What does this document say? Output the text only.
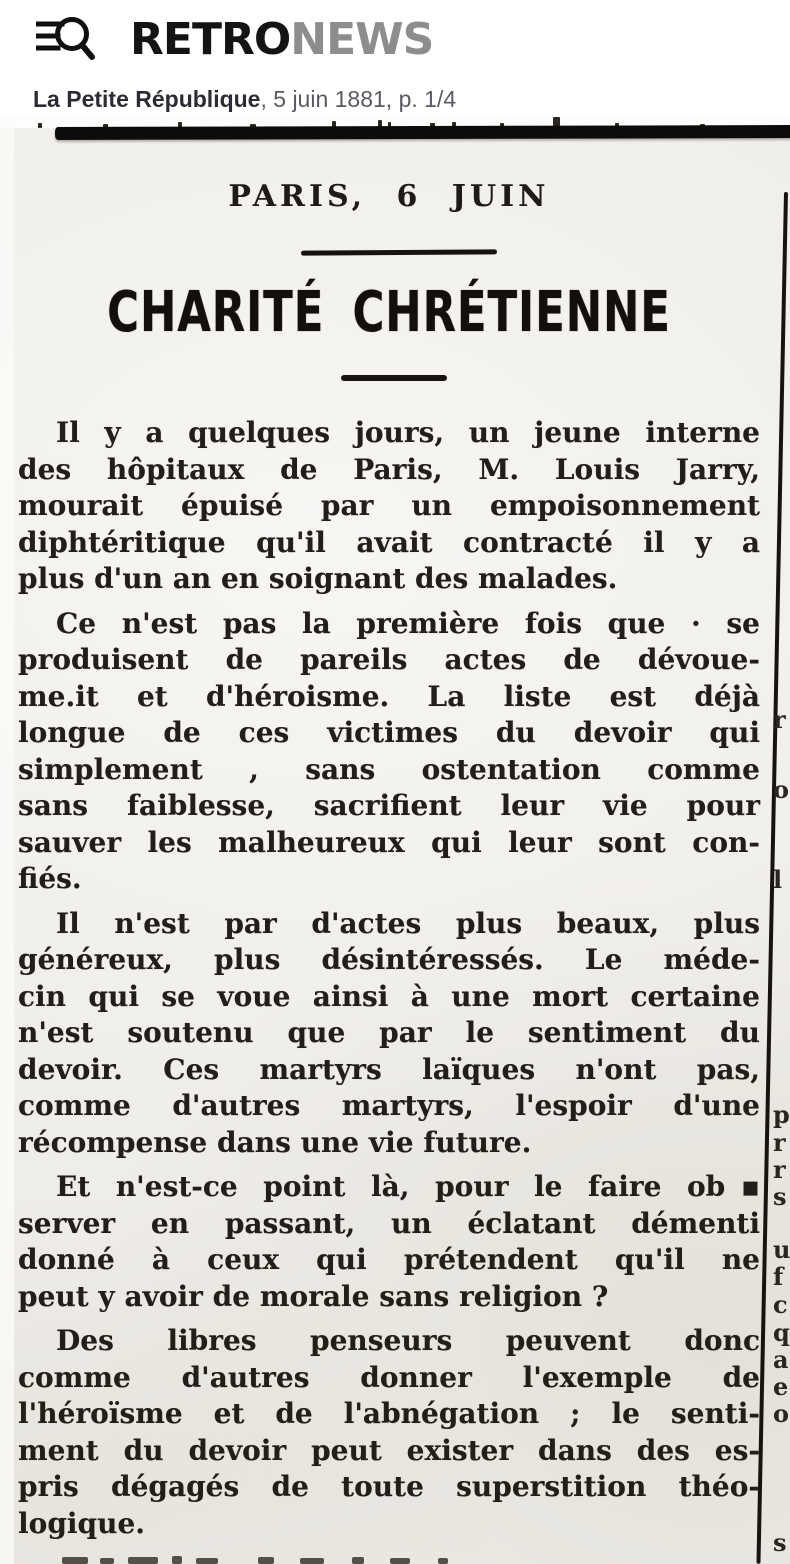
RETRONEWS
La Petite République, 5 juin 1881, p. 1/4
PARIS, 6 JUIN
CHARITÉ CHRÉTIENNE
Il y a quelques jours, un jeune interne
des hôpitaux de Paris, M. Louis Jarry,
mourait épuisé par un empoisonnement
diphtéritique qu'il avait contracté il y a
plus d'un an en soignant des malades.
Ce n'est pas la première fois que · se
produisent de pareils actes de dévoue-
me.it et d'héroisme. La liste est déjà
longue de ces victimes du devoir qui
simplement , sans ostentation comme
sans faiblesse, sacrifient leur vie pour
sauver les malheureux qui leur sont con-
fiés.
Il n'est par d'actes plus beaux, plus
généreux, plus désintéressés. Le méde-
cin qui se voue ainsi à une mort certaine
n'est soutenu que par le sentiment du
devoir. Ces martyrs laïques n'ont pas,
comme d'autres martyrs, l'espoir d'une
récompense dans une vie future.
Et n'est-ce point là, pour le faire ob▪
server en passant, un éclatant démenti
donné à ceux qui prétendent qu'il ne
peut y avoir de morale sans religion ?
Des libres penseurs peuvent donc
comme d'autres donner l'exemple de
l'héroïsme et de l'abnégation ; le senti-
ment du devoir peut exister dans des es-
pris dégagés de toute superstition théo-
logique.
r
o
l
p
r
r
s
u
f
c
q
a
e
o
s
